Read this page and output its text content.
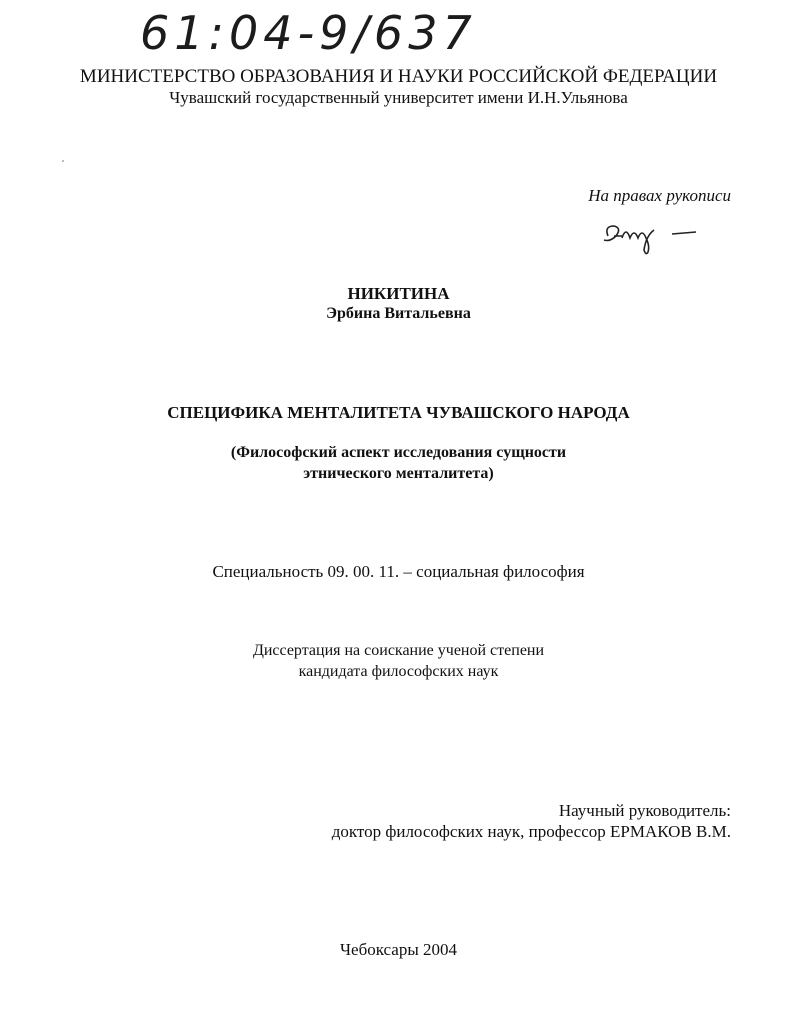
61:04-9/637
МИНИСТЕРСТВО ОБРАЗОВАНИЯ И НАУКИ РОССИЙСКОЙ ФЕДЕРАЦИИ
Чувашский государственный университет имени И.Н.Ульянова
На правах рукописи
НИКИТИНА
Эрбина Витальевна
СПЕЦИФИКА МЕНТАЛИТЕТА ЧУВАШСКОГО НАРОДА
(Философский аспект исследования сущности
этнического менталитета)
Специальность 09. 00. 11. – социальная философия
Диссертация на соискание ученой степени
кандидата философских наук
Научный руководитель:
доктор философских наук, профессор ЕРМАКОВ В.М.
Чебоксары 2004
